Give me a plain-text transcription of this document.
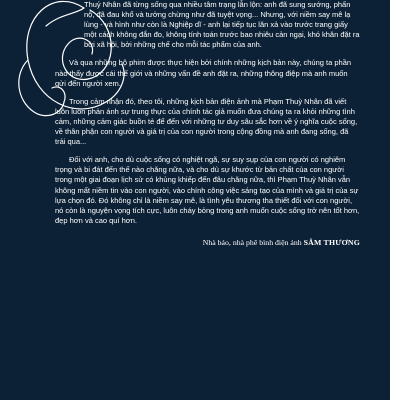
Thuỷ Nhân đã từng sống qua nhiều tâm trạng lẫn lộn: anh đã sung sướng, phấn nộ, đã đau khổ và tưởng chừng như đã tuyệt vọng... Nhưng, với niềm say mê lạ lùng - và hình như còn là Nghiệp dĩ - anh lại tiếp tục lăn xả vào trước trang giấy một cách không đắn đo, không tính toán trước bao nhiêu cản ngại, khó khăn đặt ra bởi xã hội, bởi những chế cho mỗi tác phẩm của anh.

Và qua những bộ phim được thực hiện bởi chính những kịch bản này, chúng ta phần nào thấy được cái thế giới và những vấn đề anh đặt ra, những thông điệp mà anh muốn gửi đến người xem.

Trong cảm nhận đó, theo tôi, những kịch bản điện ảnh mà Phạm Thuỳ Nhân đã viết luôn luôn phản ánh sự trung thực của chính tác giả muốn đưa chúng ta ra khỏi những tình cảm, những cảm giác buồn tẻ để đến với những tư duy sâu sắc hơn về ý nghĩa cuộc sống, về thân phận con người và giá trị của con người trong cộng đồng mà anh đang sống, đã trải qua...

Đối với anh, cho dù cuộc sống có nghiệt ngã, sự suy sụp của con người có nghiêm trọng và bi đát đến thế nào chăng nữa, và cho dù sự khước từ bản chất của con người trong một giai đoạn lịch sử có khủng khiếp đến đâu chăng nữa, thì Phạm Thuỳ Nhân vẫn không mất niềm tin vào con người, vào chính công việc sáng tạo của mình và giá trị của sự lựa chọn đó. Đó không chỉ là niềm say mê, là tình yêu thương tha thiết đối với con người, nó còn là nguyện vọng tích cực, luôn cháy bỏng trong anh muốn cuộc sống trở nên tốt hơn, đẹp hơn và cao quí hơn.

Nhà báo, nhà phê bình điện ảnh SÂM THƯƠNG
